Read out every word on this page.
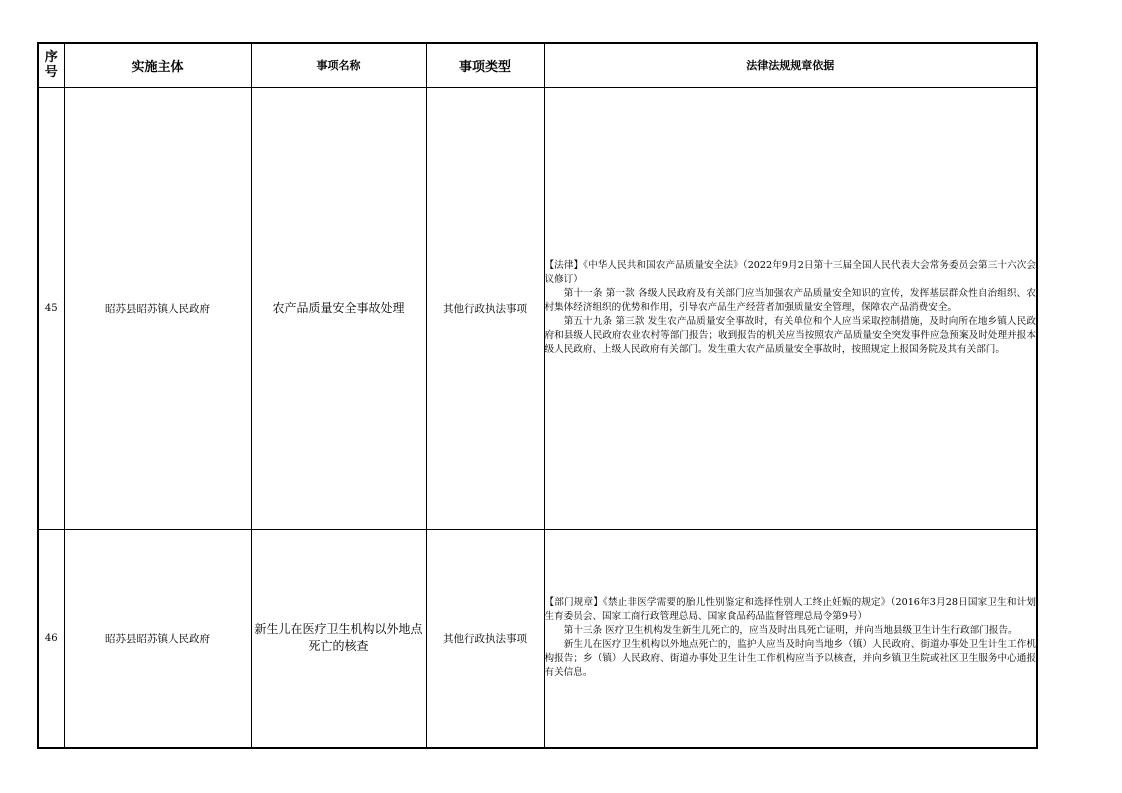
序号	实施主体	事项名称	事项类型	法律法规规章依据
45	昭苏县昭苏镇人民政府	农产品质量安全事故处理	其他行政执法事项	【法律】《中华人民共和国农产品质量安全法》（2022年9月2日第十三届全国人民代表大会常务委员会第三十六次会议修订）

第十一条 第一款 各级人民政府及有关部门应当加强农产品质量安全知识的宣传，发挥基层群众性自治组织、农村集体经济组织的优势和作用，引导农产品生产经营者加强质量安全管理，保障农产品消费安全。

第五十九条 第三款 发生农产品质量安全事故时，有关单位和个人应当采取控制措施，及时向所在地乡镇人民政府和县级人民政府农业农村等部门报告；收到报告的机关应当按照农产品质量安全突发事件应急预案及时处理并报本级人民政府、上级人民政府有关部门。发生重大农产品质量安全事故时，按照规定上报国务院及其有关部门。

46	昭苏县昭苏镇人民政府	新生儿在医疗卫生机构以外地点死亡的核查	其他行政执法事项	【部门规章】《禁止非医学需要的胎儿性别鉴定和选择性别人工终止妊娠的规定》（2016年3月28日国家卫生和计划生育委员会、国家工商行政管理总局、国家食品药品监督管理总局令第9号）

第十三条 医疗卫生机构发生新生儿死亡的，应当及时出具死亡证明，并向当地县级卫生计生行政部门报告。

新生儿在医疗卫生机构以外地点死亡的，监护人应当及时向当地乡（镇）人民政府、街道办事处卫生计生工作机构报告；乡（镇）人民政府、街道办事处卫生计生工作机构应当予以核查，并向乡镇卫生院或社区卫生服务中心通报有关信息。
